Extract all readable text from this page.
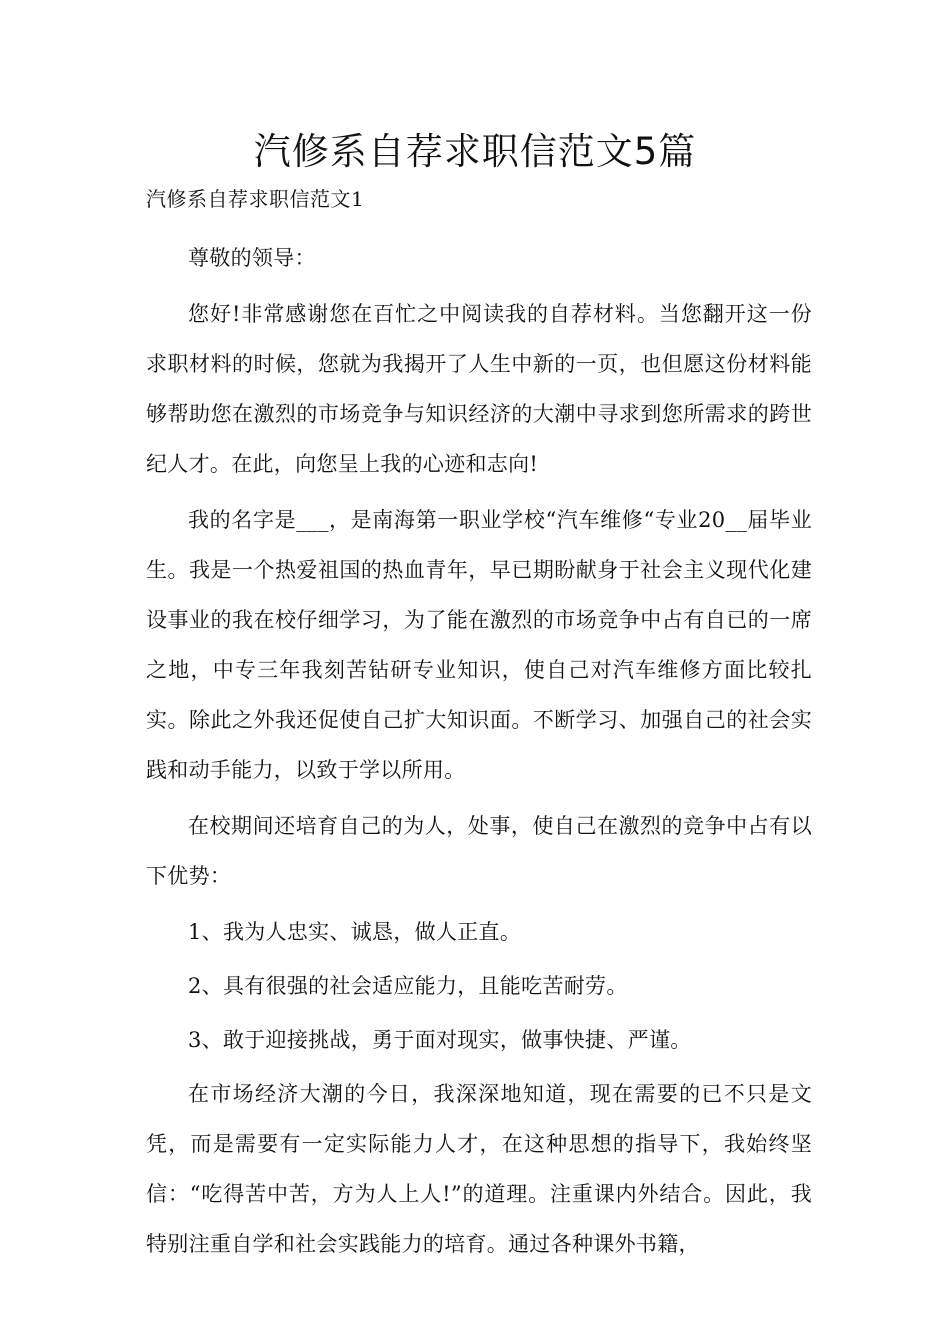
汽修系自荐求职信范文5篇

汽修系自荐求职信范文1

尊敬的领导：

您好!非常感谢您在百忙之中阅读我的自荐材料。当您翻开这一份求职材料的时候，您就为我揭开了人生中新的一页，也但愿这份材料能够帮助您在激烈的市场竞争与知识经济的大潮中寻求到您所需求的跨世纪人才。在此，向您呈上我的心迹和志向!

我的名字是___，是南海第一职业学校“汽车维修“专业20__届毕业生。我是一个热爱祖国的热血青年，早已期盼献身于社会主义现代化建设事业的我在校仔细学习，为了能在激烈的市场竞争中占有自已的一席之地，中专三年我刻苦钻研专业知识，使自己对汽车维修方面比较扎实。除此之外我还促使自己扩大知识面。不断学习、加强自己的社会实践和动手能力，以致于学以所用。

在校期间还培育自己的为人，处事，使自己在激烈的竞争中占有以下优势：

1、我为人忠实、诚恳，做人正直。

2、具有很强的社会适应能力，且能吃苦耐劳。

3、敢于迎接挑战，勇于面对现实，做事快捷、严谨。

在市场经济大潮的今日，我深深地知道，现在需要的已不只是文凭，而是需要有一定实际能力人才，在这种思想的指导下，我始终坚信：“吃得苦中苦，方为人上人!”的道理。注重课内外结合。因此，我特别注重自学和社会实践能力的培育。通过各种课外书籍，
